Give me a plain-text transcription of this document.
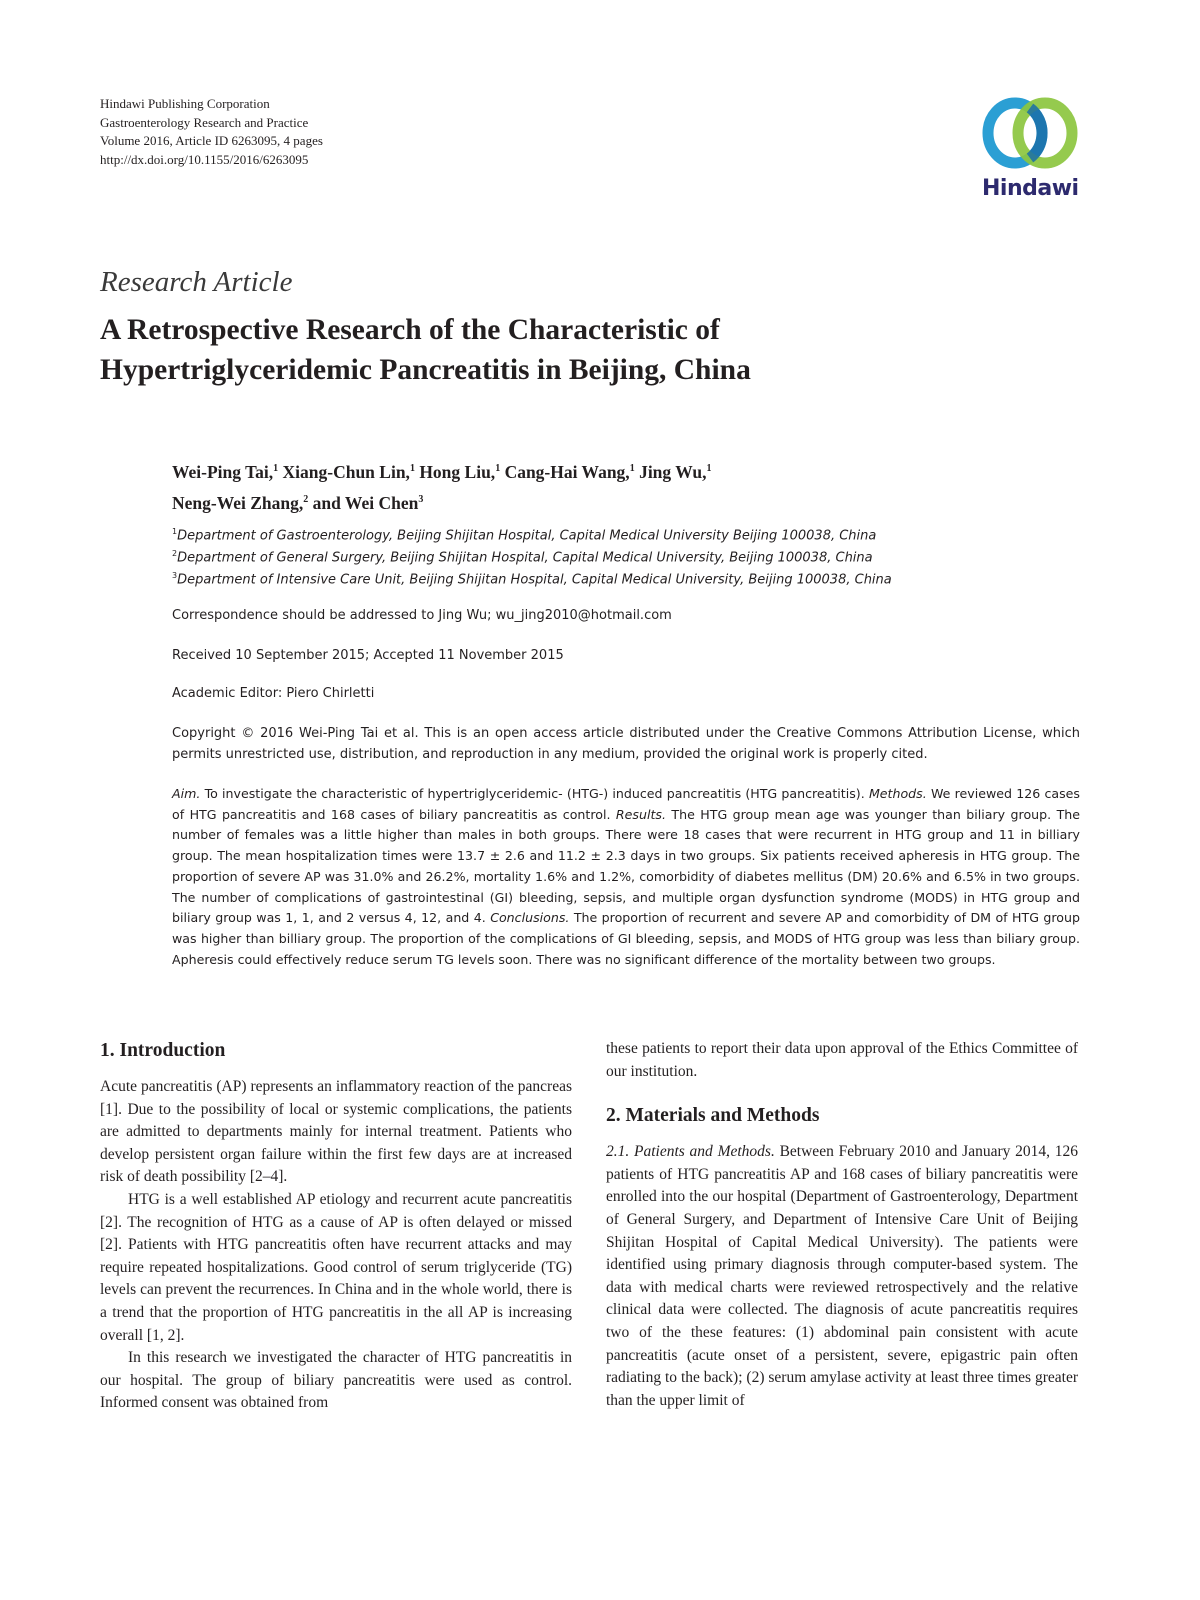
Hindawi Publishing Corporation
Gastroenterology Research and Practice
Volume 2016, Article ID 6263095, 4 pages
http://dx.doi.org/10.1155/2016/6263095
Hindawi
Research Article
A Retrospective Research of the Characteristic of
Hypertriglyceridemic Pancreatitis in Beijing, China
Wei-Ping Tai,$^1$ Xiang-Chun Lin,$^1$ Hong Liu,$^1$ Cang-Hai Wang,$^1$ Jing Wu,$^1$
Neng-Wei Zhang,$^2$ and Wei Chen$^3$
$^1$Department of Gastroenterology, Beijing Shijitan Hospital, Capital Medical University Beijing 100038, China
$^2$Department of General Surgery, Beijing Shijitan Hospital, Capital Medical University, Beijing 100038, China
$^3$Department of Intensive Care Unit, Beijing Shijitan Hospital, Capital Medical University, Beijing 100038, China
Correspondence should be addressed to Jing Wu; wu_jing2010@hotmail.com
Received 10 September 2015; Accepted 11 November 2015
Academic Editor: Piero Chirletti
Copyright © 2016 Wei-Ping Tai et al. This is an open access article distributed under the Creative Commons Attribution License, which permits unrestricted use, distribution, and reproduction in any medium, provided the original work is properly cited.
Aim. To investigate the characteristic of hypertriglyceridemic- (HTG-) induced pancreatitis (HTG pancreatitis). Methods. We reviewed 126 cases of HTG pancreatitis and 168 cases of biliary pancreatitis as control. Results. The HTG group mean age was younger than biliary group. The number of females was a little higher than males in both groups. There were 18 cases that were recurrent in HTG group and 11 in billiary group. The mean hospitalization times were 13.7 ± 2.6 and 11.2 ± 2.3 days in two groups. Six patients received apheresis in HTG group. The proportion of severe AP was 31.0% and 26.2%, mortality 1.6% and 1.2%, comorbidity of diabetes mellitus (DM) 20.6% and 6.5% in two groups. The number of complications of gastrointestinal (GI) bleeding, sepsis, and multiple organ dysfunction syndrome (MODS) in HTG group and biliary group was 1, 1, and 2 versus 4, 12, and 4. Conclusions. The proportion of recurrent and severe AP and comorbidity of DM of HTG group was higher than billiary group. The proportion of the complications of GI bleeding, sepsis, and MODS of HTG group was less than biliary group. Apheresis could effectively reduce serum TG levels soon. There was no significant difference of the mortality between two groups.
1. Introduction

Acute pancreatitis (AP) represents an inflammatory reaction of the pancreas [1]. Due to the possibility of local or systemic complications, the patients are admitted to departments mainly for internal treatment. Patients who develop persistent organ failure within the first few days are at increased risk of death possibility [2–4].

HTG is a well established AP etiology and recurrent acute pancreatitis [2]. The recognition of HTG as a cause of AP is often delayed or missed [2]. Patients with HTG pancreatitis often have recurrent attacks and may require repeated hospitalizations. Good control of serum triglyceride (TG) levels can prevent the recurrences. In China and in the whole world, there is a trend that the proportion of HTG pancreatitis in the all AP is increasing overall [1, 2].

In this research we investigated the character of HTG pancreatitis in our hospital. The group of biliary pancreatitis were used as control. Informed consent was obtained from

these patients to report their data upon approval of the Ethics Committee of our institution.

2. Materials and Methods

2.1. Patients and Methods. Between February 2010 and January 2014, 126 patients of HTG pancreatitis AP and 168 cases of biliary pancreatitis were enrolled into the our hospital (Department of Gastroenterology, Department of General Surgery, and Department of Intensive Care Unit of Beijing Shijitan Hospital of Capital Medical University). The patients were identified using primary diagnosis through computer-based system. The data with medical charts were reviewed retrospectively and the relative clinical data were collected. The diagnosis of acute pancreatitis requires two of the these features: (1) abdominal pain consistent with acute pancreatitis (acute onset of a persistent, severe, epigastric pain often radiating to the back); (2) serum amylase activity at least three times greater than the upper limit of
